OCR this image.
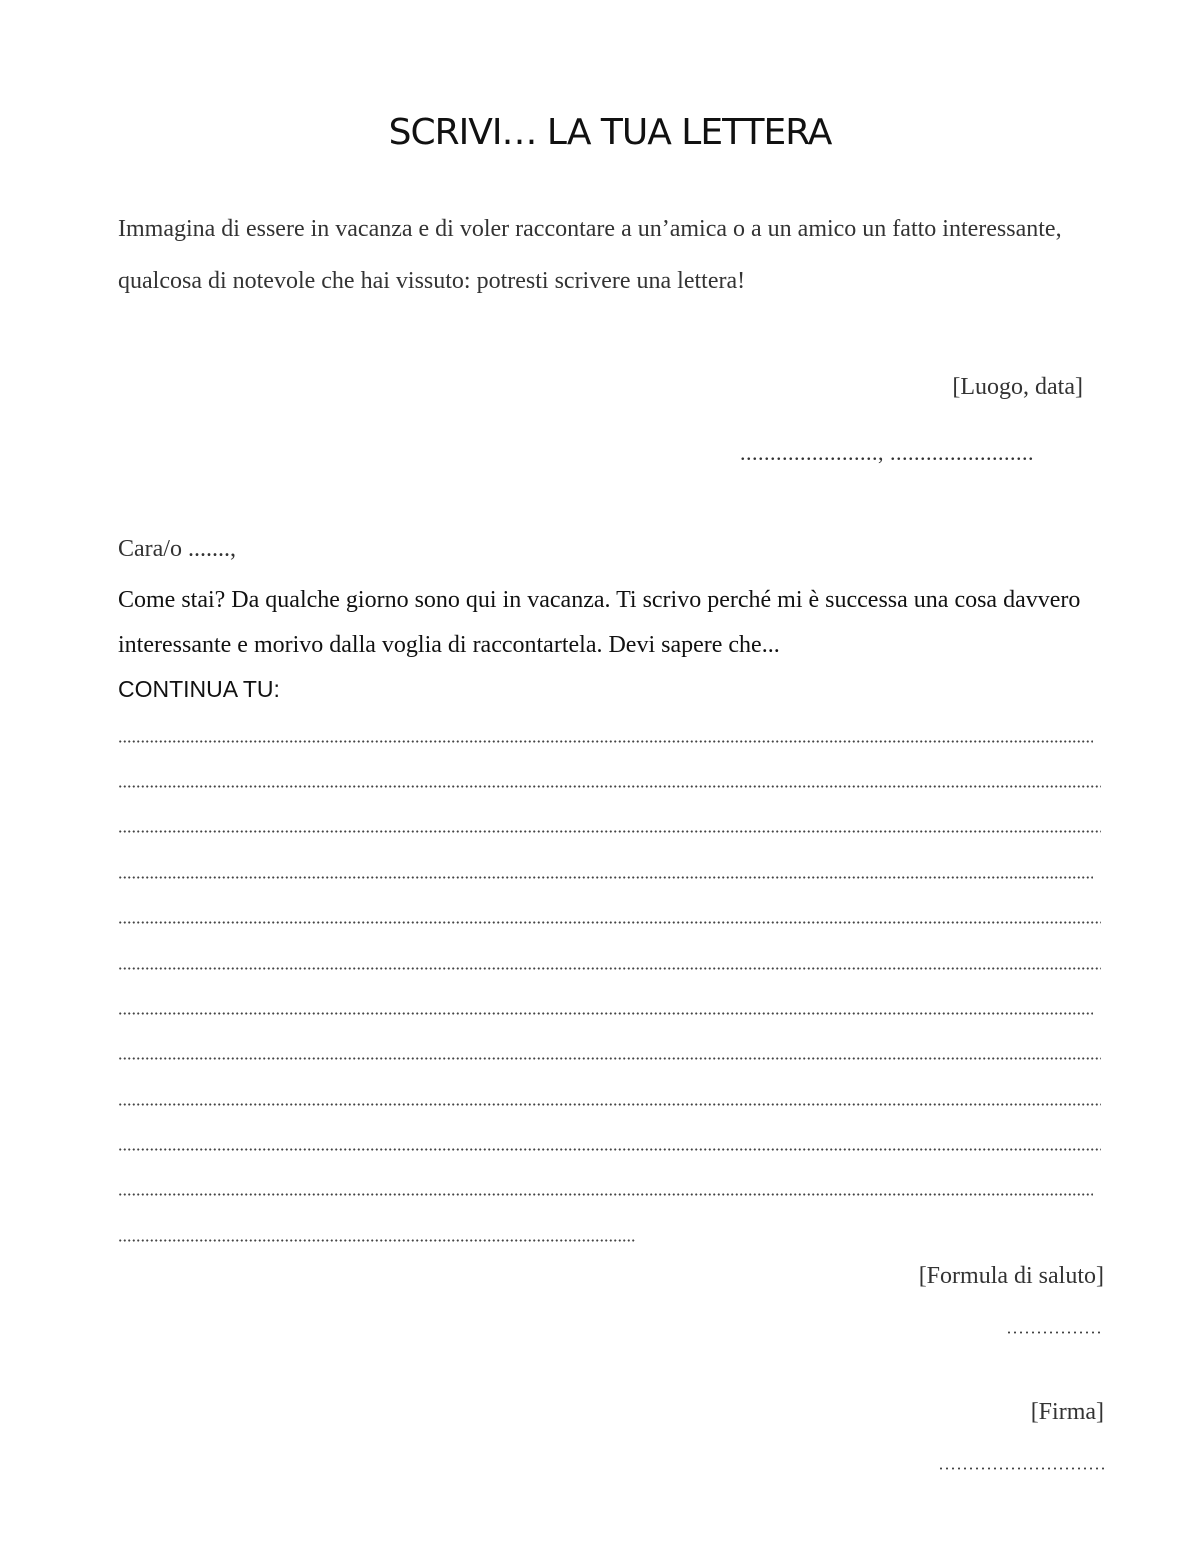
SCRIVI… LA TUA LETTERA
Immagina di essere in vacanza e di voler raccontare a un’amica o a un amico un fatto interessante, qualcosa di notevole che hai vissuto: potresti scrivere una lettera!
[Luogo, data]
......................., ........................
Cara/o .......,
Come stai? Da qualche giorno sono qui in vacanza. Ti scrivo perché mi è successa una cosa davvero interessante e morivo dalla voglia di raccontartela. Devi sapere che...
CONTINUA TU:
[Formula di saluto]
[Firma]
